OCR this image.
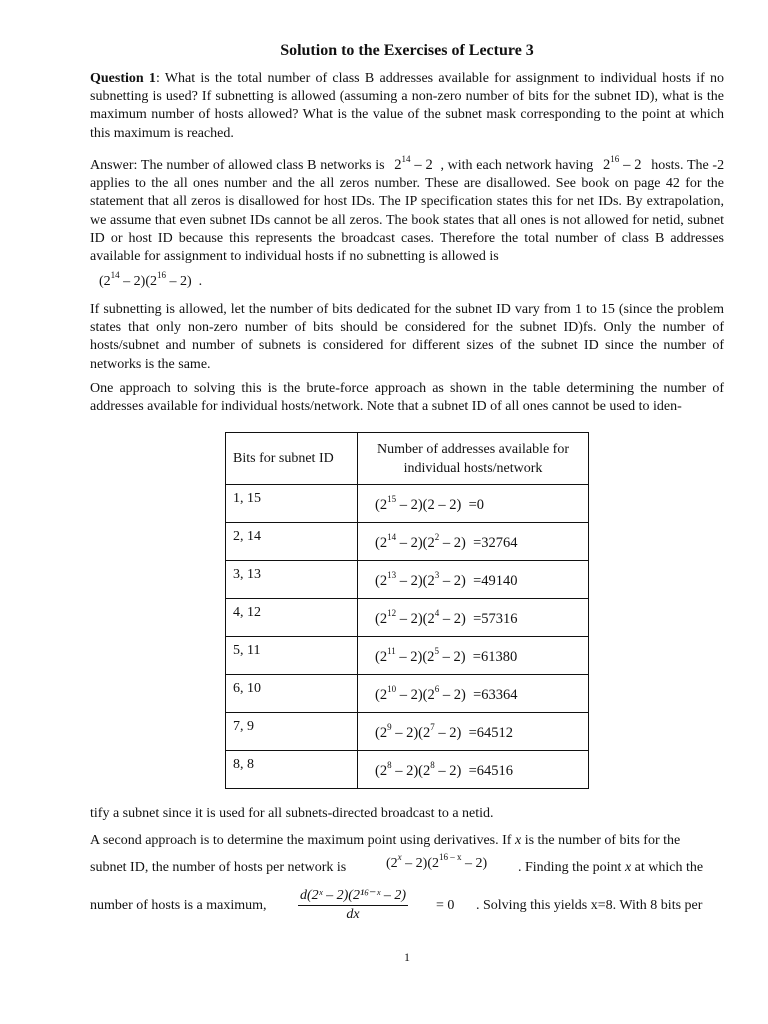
Solution to the Exercises of Lecture 3
Question 1: What is the total number of class B addresses available for assignment to individual hosts if no subnetting is used? If subnetting is allowed (assuming a non-zero number of bits for the subnet ID), what is the maximum number of hosts allowed? What is the value of the subnet mask corresponding to the point at which this maximum is reached.
Answer: The number of allowed class B networks is $2^{14} - 2$ , with each network having $2^{16} - 2$ hosts. The -2 applies to the all ones number and the all zeros number. These are disallowed. See book on page 42 for the statement that all zeros is disallowed for host IDs. The IP specification states this for net IDs. By extrapolation, we assume that even subnet IDs cannot be all zeros. The book states that all ones is not allowed for netid, subnet ID or host ID because this represents the broadcast cases. Therefore the total number of class B addresses available for assignment to individual hosts if no subnetting is allowed is
$(2^{14} - 2)(2^{16} - 2)$ .
If subnetting is allowed, let the number of bits dedicated for the subnet ID vary from 1 to 15 (since the problem states that only non-zero number of bits should be considered for the subnet ID)fs. Only the number of hosts/subnet and number of subnets is considered for different sizes of the subnet ID since the number of networks is the same.
One approach to solving this is the brute-force approach as shown in the table determining the number of addresses available for individual hosts/network. Note that a subnet ID of all ones cannot be used to iden-
Bits for subnet ID	Number of addresses available for individual hosts/network

1, 15	$(2^{15} - 2)(2 - 2) =0$

2, 14	$(2^{14} - 2)(2^2 - 2) =32764$

3, 13	$(2^{13} - 2)(2^3 - 2) =49140$

4, 12	$(2^{12} - 2)(2^4 - 2) =57316$

5, 11	$(2^{11} - 2)(2^5 - 2) =61380$

6, 10	$(2^{10} - 2)(2^6 - 2) =63364$

7, 9	$(2^9 - 2)(2^7 - 2) =64512$

8, 8	$(2^8 - 2)(2^8 - 2) =64516$
tify a subnet since it is used for all subnets-directed broadcast to a netid.
A second approach is to determine the maximum point using derivatives. If x is the number of bits for the
subnet ID, the number of hosts per network is	(2$^x$ – 2)(2$^{16 - x}$ – 2) . Finding the point x at which the
number of hosts is a maximum, $\frac{\text{d(2ˣ – 2)(2¹⁶⁻ˣ – 2)}}{dx} = 0$ . Solving this yields x=8. With 8 bits per
1
